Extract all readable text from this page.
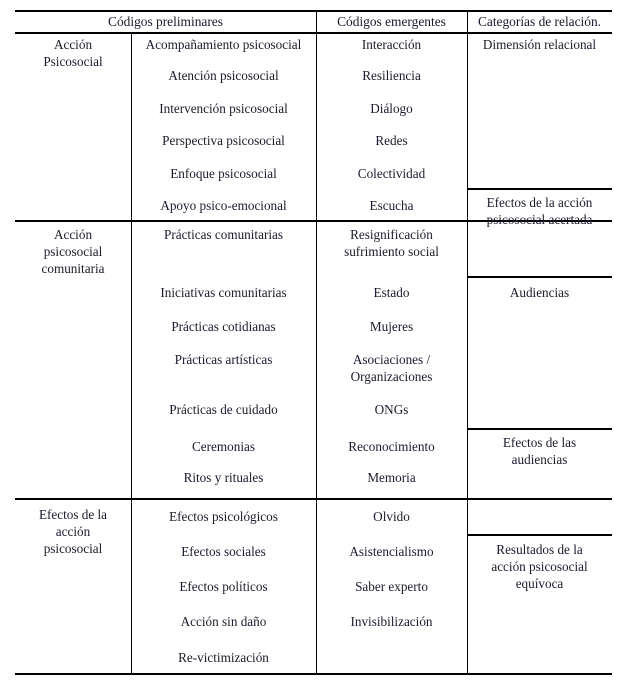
Códigos preliminares	Códigos emergentes	Categorías de relación.
Acción
Psicosocial
Acompañamiento psicosocial
Atención psicosocial
Intervención psicosocial
Perspectiva psicosocial
Enfoque psicosocial
Apoyo psico-emocional
Interacción
Resiliencia
Diálogo
Redes
Colectividad
Escucha
Acción
psicosocial
comunitaria
Prácticas comunitarias
Iniciativas comunitarias
Prácticas cotidianas
Prácticas artísticas
Prácticas de cuidado
Ceremonias
Ritos y rituales
Resignificación
sufrimiento social
Estado
Mujeres
Asociaciones /
Organizaciones
ONGs
Reconocimiento
Memoria
Efectos de la
acción
psicosocial
Efectos psicológicos
Efectos sociales
Efectos políticos
Acción sin daño
Re-victimización
Olvido
Asistencialismo
Saber experto
Invisibilización
Dimensión relacional
Efectos de la acción
psicosocial acertada
Audiencias
Efectos de las
audiencias
Resultados de la
acción psicosocial
equívoca
